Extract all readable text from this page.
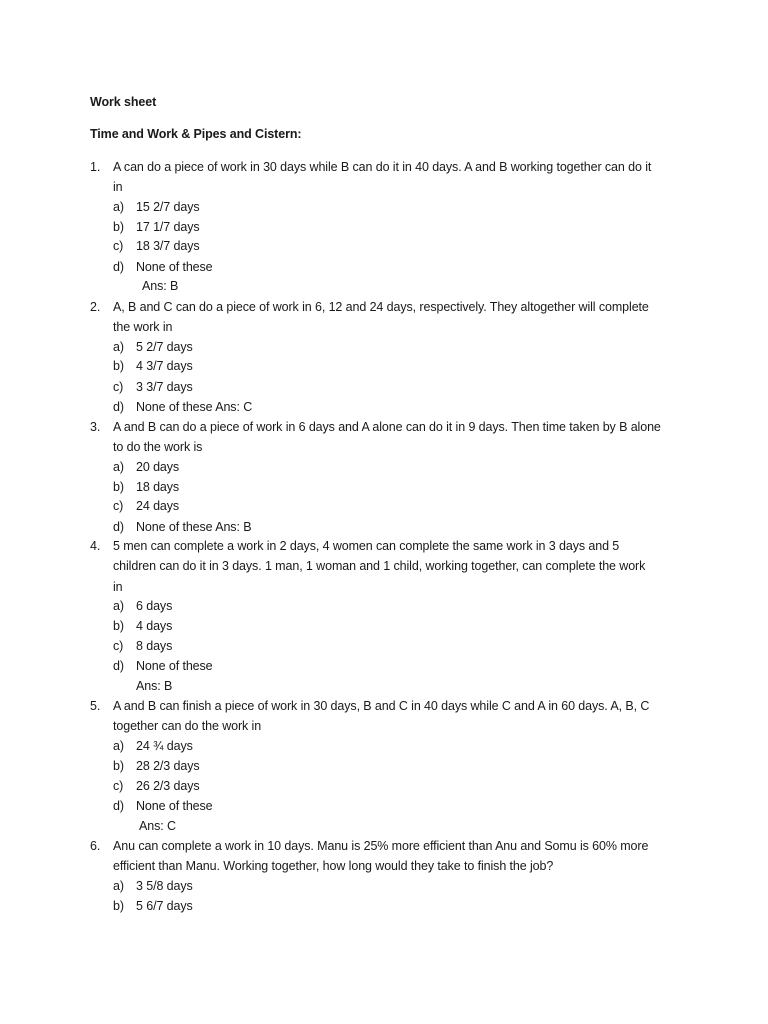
Work sheet
Time and Work & Pipes and Cistern:
1. A can do a piece of work in 30 days while B can do it in 40 days. A and B working together can do it
in
a) 15 2/7 days
b) 17 1/7 days
c) 18 3/7 days
d) None of these
Ans: B
2. A, B and C can do a piece of work in 6, 12 and 24 days, respectively. They altogether will complete
the work in
a) 5 2/7 days
b) 4 3/7 days
c) 3 3/7 days
d) None of these Ans: C
3. A and B can do a piece of work in 6 days and A alone can do it in 9 days. Then time taken by B alone
to do the work is
a) 20 days
b) 18 days
c) 24 days
d) None of these Ans: B
4. 5 men can complete a work in 2 days, 4 women can complete the same work in 3 days and 5
children can do it in 3 days. 1 man, 1 woman and 1 child, working together, can complete the work
in
a) 6 days
b) 4 days
c) 8 days
d) None of these
Ans: B
5. A and B can finish a piece of work in 30 days, B and C in 40 days while C and A in 60 days. A, B, C
together can do the work in
a) 24 ¾ days
b) 28 2/3 days
c) 26 2/3 days
d) None of these
Ans: C
6. Anu can complete a work in 10 days. Manu is 25% more efficient than Anu and Somu is 60% more
efficient than Manu. Working together, how long would they take to finish the job?
a) 3 5/8 days
b) 5 6/7 days
